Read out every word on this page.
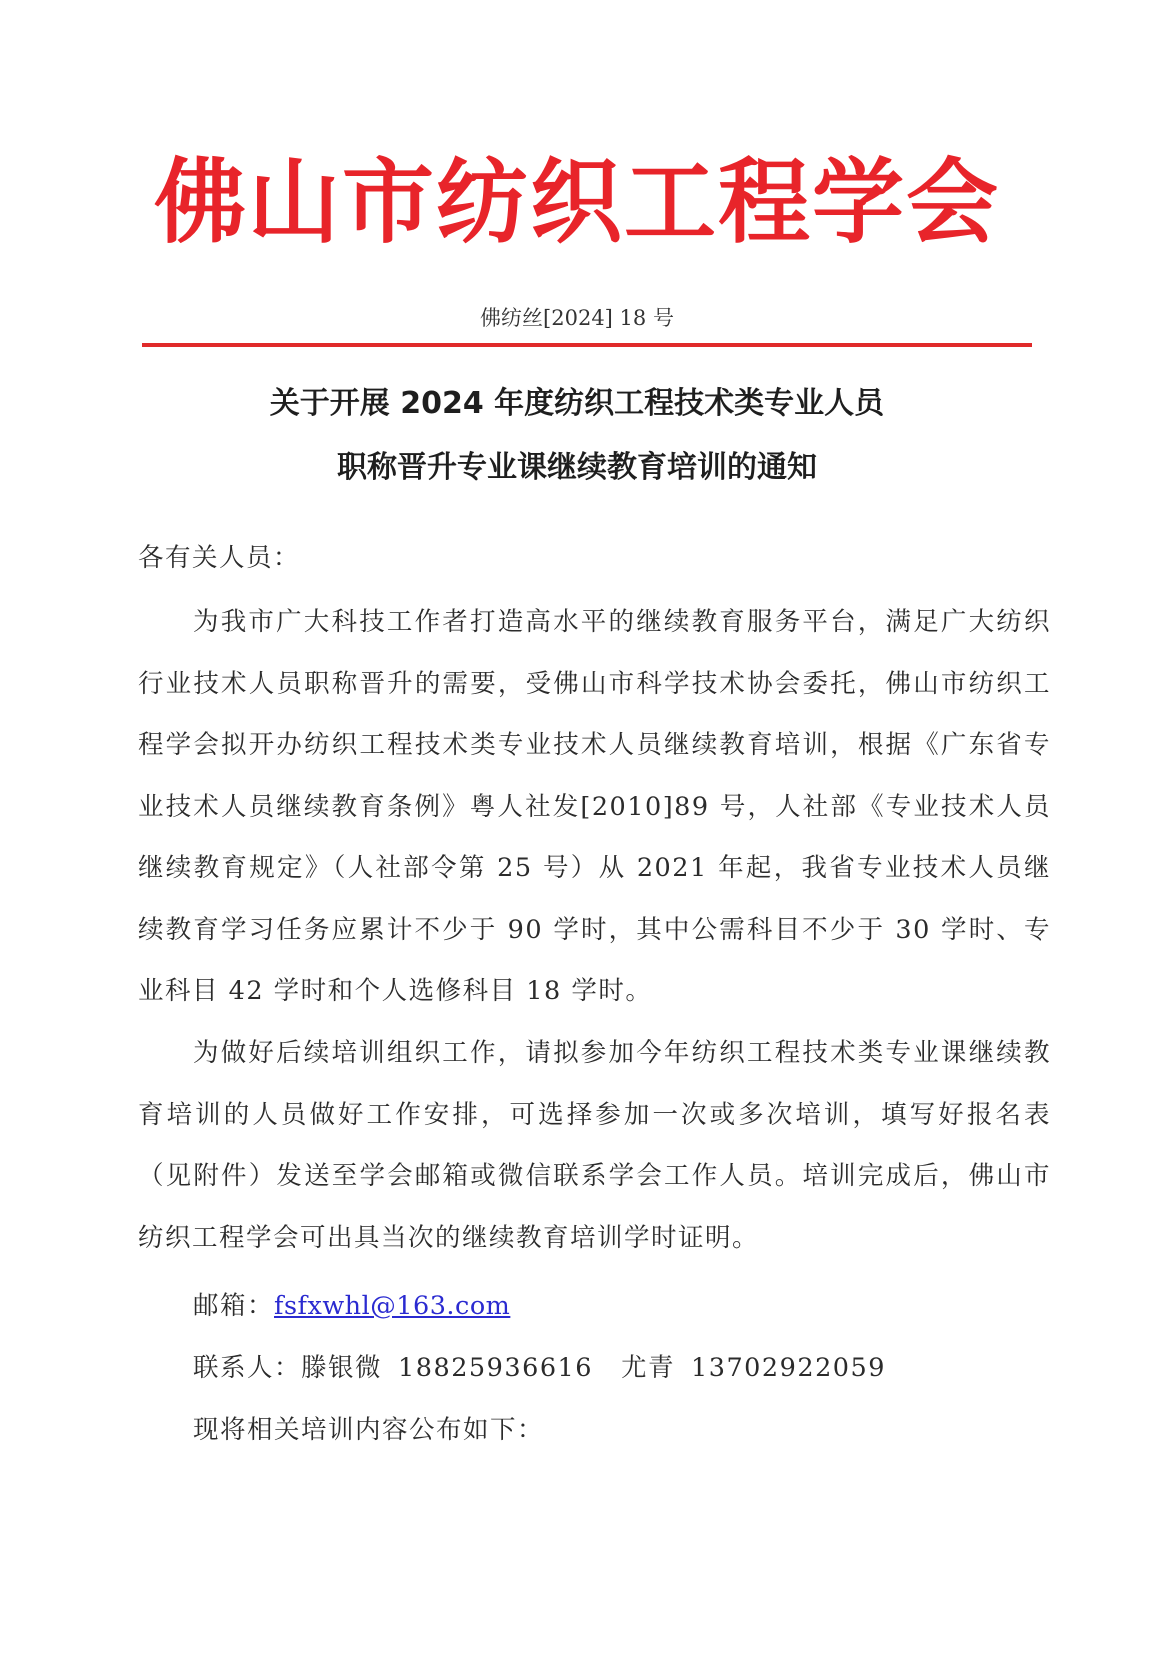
佛山市纺织工程学会
佛纺丝[2024] 18 号
关于开展 2024 年度纺织工程技术类专业人员
职称晋升专业课继续教育培训的通知
各有关人员：

为我市广大科技工作者打造高水平的继续教育服务平台，满足广大纺织行业技术人员职称晋升的需要，受佛山市科学技术协会委托，佛山市纺织工程学会拟开办纺织工程技术类专业技术人员继续教育培训，根据《广东省专业技术人员继续教育条例》粤人社发[2010]89 号，人社部《专业技术人员继续教育规定》（人社部令第 25 号）从 2021 年起，我省专业技术人员继续教育学习任务应累计不少于 90 学时，其中公需科目不少于 30 学时、专业科目 42 学时和个人选修科目 18 学时。

为做好后续培训组织工作，请拟参加今年纺织工程技术类专业课继续教育培训的人员做好工作安排，可选择参加一次或多次培训，填写好报名表（见附件）发送至学会邮箱或微信联系学会工作人员。培训完成后，佛山市纺织工程学会可出具当次的继续教育培训学时证明。

邮箱：fsfxwhl@163.com
联系人：滕银微 18825936616 尤青 13702922059
现将相关培训内容公布如下：
